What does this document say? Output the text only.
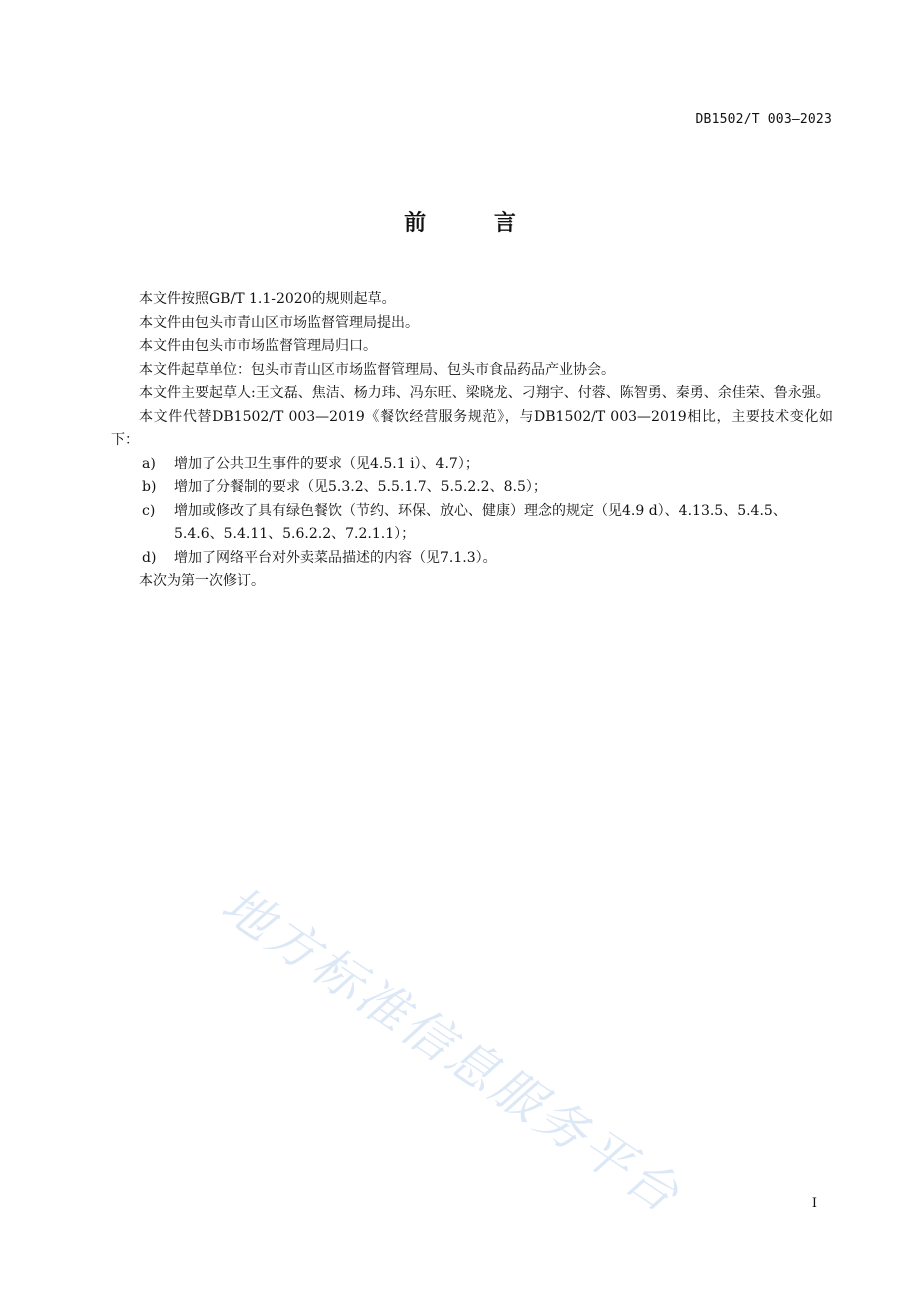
DB1502/T 003—2023
前 言

本文件按照GB/T 1.1-2020的规则起草。

本文件由包头市青山区市场监督管理局提出。

本文件由包头市市场监督管理局归口。

本文件起草单位：包头市青山区市场监督管理局、包头市食品药品产业协会。

本文件主要起草人:王文磊、焦洁、杨力玮、冯东旺、梁晓龙、刁翔宇、付蓉、陈智勇、秦勇、余佳荣、鲁永强。

本文件代替DB1502/T 003—2019《餐饮经营服务规范》，与DB1502/T 003—2019相比，主要技术变化如下：

a) 增加了公共卫生事件的要求（见4.5.1 i）、4.7）；

b) 增加了分餐制的要求（见5.3.2、5.5.1.7、5.5.2.2、8.5）；

c) 增加或修改了具有绿色餐饮（节约、环保、放心、健康）理念的规定（见4.9 d）、4.13.5、5.4.5、5.4.6、5.4.11、5.6.2.2、7.2.1.1）；

d) 增加了网络平台对外卖菜品描述的内容（见7.1.3）。

本次为第一次修订。

地方标准信息服务平台	I
